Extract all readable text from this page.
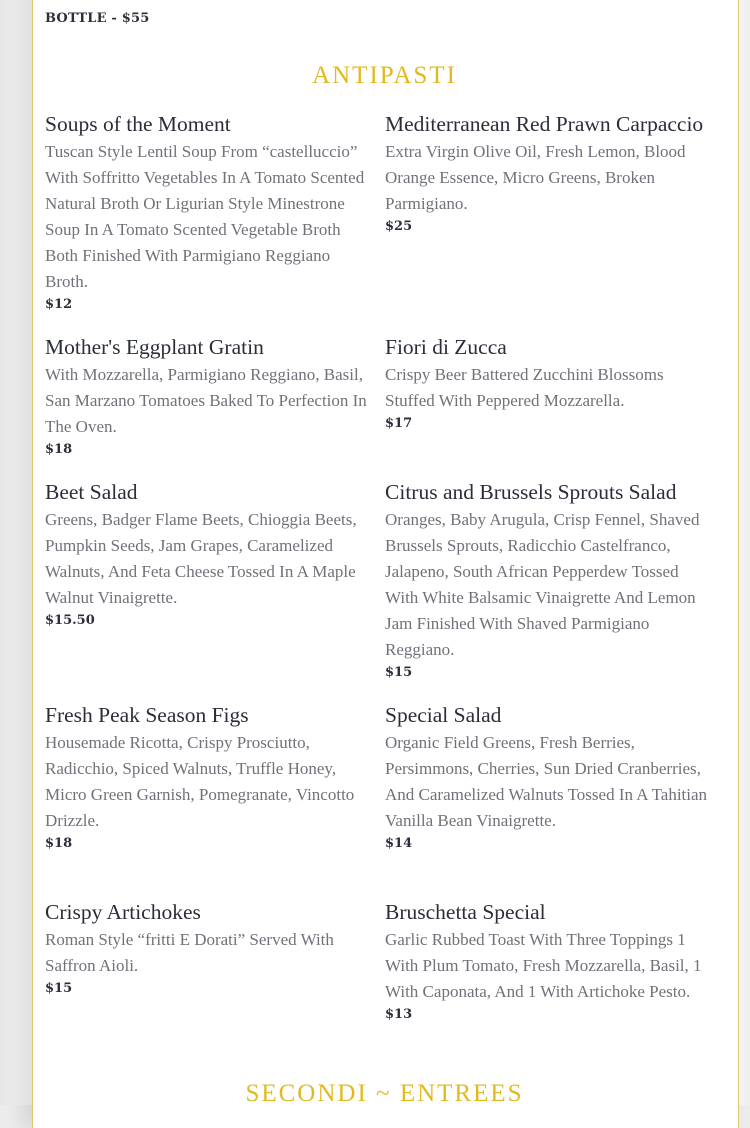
BOTTLE - $55
ANTIPASTI
Soups of the Moment
Tuscan Style Lentil Soup From “castelluccio” With Soffritto Vegetables In A Tomato Scented Natural Broth Or Ligurian Style Minestrone Soup In A Tomato Scented Vegetable Broth Both Finished With Parmigiano Reggiano Broth.
$12
Mediterranean Red Prawn Carpaccio
Extra Virgin Olive Oil, Fresh Lemon, Blood Orange Essence, Micro Greens, Broken Parmigiano.
$25
Mother's Eggplant Gratin
With Mozzarella, Parmigiano Reggiano, Basil, San Marzano Tomatoes Baked To Perfection In The Oven.
$18
Fiori di Zucca
Crispy Beer Battered Zucchini Blossoms Stuffed With Peppered Mozzarella.
$17
Beet Salad
Greens, Badger Flame Beets, Chioggia Beets, Pumpkin Seeds, Jam Grapes, Caramelized Walnuts, And Feta Cheese Tossed In A Maple Walnut Vinaigrette.
$15.50
Citrus and Brussels Sprouts Salad
Oranges, Baby Arugula, Crisp Fennel, Shaved Brussels Sprouts, Radicchio Castelfranco, Jalapeno, South African Pepperdew Tossed With White Balsamic Vinaigrette And Lemon Jam Finished With Shaved Parmigiano Reggiano.
$15
Fresh Peak Season Figs
Housemade Ricotta, Crispy Prosciutto, Radicchio, Spiced Walnuts, Truffle Honey, Micro Green Garnish, Pomegranate, Vincotto Drizzle.
$18
Special Salad
Organic Field Greens, Fresh Berries, Persimmons, Cherries, Sun Dried Cranberries, And Caramelized Walnuts Tossed In A Tahitian Vanilla Bean Vinaigrette.
$14
Crispy Artichokes
Roman Style “fritti E Dorati” Served With Saffron Aioli.
$15
Bruschetta Special
Garlic Rubbed Toast With Three Toppings 1 With Plum Tomato, Fresh Mozzarella, Basil, 1 With Caponata, And 1 With Artichoke Pesto.
$13
SECONDI ~ ENTREES
